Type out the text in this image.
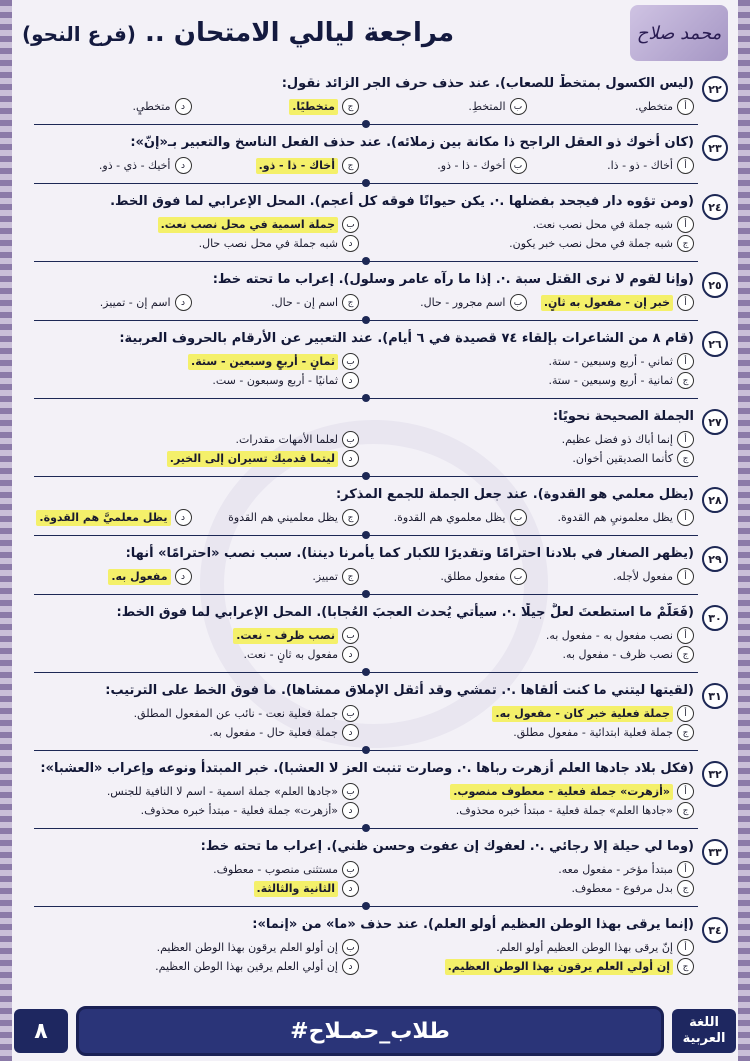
محمد صلاح
مراجعة ليالي الامتحان .. (فرع النحو)
٢٢
(ليس الكسول بمتخطٍّ للصعاب). عند حذف حرف الجر الزائد نقول:
أ
متخطي.
ب
المتخطِ.
ج
متخطيًا.
د
متخطيٍ.
٢٣
(كان أخوك ذو العقل الراجح ذا مكانة بين زملائه). عند حذف الفعل الناسخ والتعبير بـ«إنّ»:
أ
أخاك - ذو - ذا.
ب
أخوك - ذا - ذو.
ج
أخاك - ذا - ذو.
د
أخيك - ذي - ذو.
٢٤
(ومن تؤوه دار فيجحد بفضلها .·. يكن حيوانًا فوقه كل أعجم). المحل الإعرابي لما فوق الخط.
أ
شبه جملة في محل نصب نعت.
ب
جملة اسمية في محل نصب نعت.
ج
شبه جملة في محل نصب خبر يكون.
د
شبه جملة في محل نصب حال.
٢٥
(وإنا لقوم لا نرى القتل سبة .·. إذا ما رآه عامر وسلول). إعراب ما تحته خط:
أ
خبر إن - مفعول به ثانٍ.
ب
اسم مجرور - حال.
ج
اسم إن - حال.
د
اسم إن - تمييز.
٢٦
(قام ٨ من الشاعرات بإلقاء ٧٤ قصيدة في ٦ أيام). عند التعبير عن الأرقام بالحروف العربية:
أ
ثماني - أربع وسبعين - ستة.
ب
ثمانٍ - أربعٍ وسبعين - ستة.
ج
ثمانية - أربع وسبعين - ستة.
د
ثمانيًا - أربع وسبعون - ست.
٢٧
الجملة الصحيحة نحويًا:
أ
إنما أباك ذو فضل عظيم.
ب
لعلما الأمهات مقدرات.
ج
كأنما الصديقين أخوان.
د
ليتما قدميك تسيران إلى الخير.
٢٨
(يظل معلمي هو القدوة). عند جعل الجملة للجمع المذكر:
أ
يظل معلمونيِ هم القدوة.
ب
يظل معلموي هم القدوة.
ج
يظل معلميني هم القدوة
د
يظل معلميَّ هم القدوة.
٢٩
(يظهر الصغار في بلادنا احترامًا وتقديرًا للكبار كما يأمرنا ديننا). سبب نصب «احترامًا» أنها:
أ
مفعول لأجله.
ب
مفعول مطلق.
ج
تمييز.
د
مفعول به.
٣٠
(فَعَلَّمْ ما استطعتَ لعلَّ جيلًا .·. سيأتي يُحدث العجبَ العُجابا). المحل الإعرابي لما فوق الخط:
أ
نصب مفعول به - مفعول به.
ب
نصب ظرف - نعت.
ج
نصب ظرف - مفعول به.
د
مفعول به ثانٍ - نعت.
٣١
(لقيتها ليتني ما كنت ألقاها .·. تمشي وقد أثقل الإملاق ممشاها). ما فوق الخط على الترتيب:
أ
جملة فعلية خبر كان - مفعول به.
ب
جملة فعلية نعت - نائب عن المفعول المطلق.
ج
جملة فعلية ابتدائية - مفعول مطلق.
د
جملة فعلية حال - مفعول به.
٣٢
(فكل بلاد جادها العلم أزهرت رباها .·. وصارت تنبت العز لا العشبا). خبر المبتدأ ونوعه وإعراب «العشبا»:
أ
«أزهرت» جملة فعلية - معطوف منصوب.
ب
«جادها العلم» جملة اسمية - اسم لا النافية للجنس.
ج
«جادها العلم» جملة فعلية - مبتدأ خبره محذوف.
د
«أزهرت» جملة فعلية - مبتدأ خبره محذوف.
٣٣
(وما لي حيلة إلا رجائي .·. لعفوك إن عفوت وحسن ظني). إعراب ما تحته خط:
أ
مبتدأ مؤخر - مفعول معه.
ب
مستثنى منصوب - معطوف.
ج
بدل مرفوع - معطوف.
د
الثانية والثالثة.
٣٤
(إنما يرقى بهذا الوطن العظيم أولو العلم). عند حذف «ما» من «إنما»:
أ
إنّ يرقى بهذا الوطن العظيم أولو العلم.
ب
إن أولو العلم يرقون بهذا الوطن العظيم.
ج
إن أولي العلم يرقون بهذا الوطن العظيم.
د
إن أولي العلم يرقين بهذا الوطن العظيم.
اللغة
العربية
#طلاب_حمـلاح
٨
